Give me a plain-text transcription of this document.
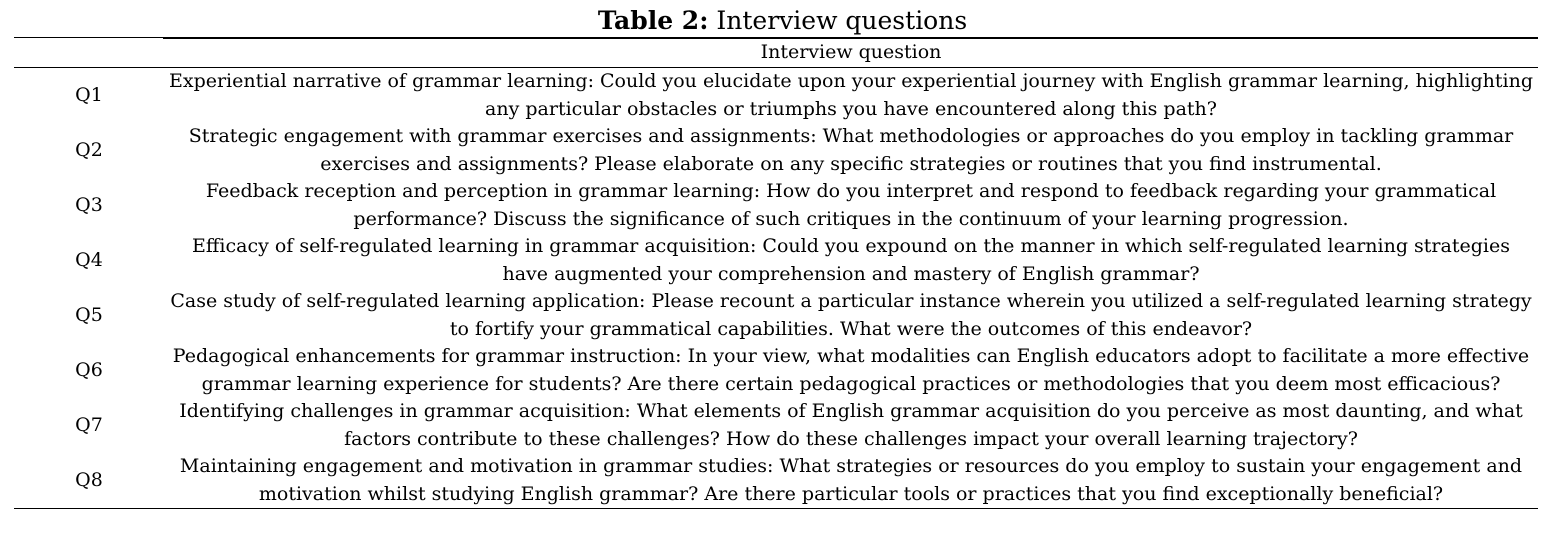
Table 2: Interview questions
Interview question
Q1
Experiential narrative of grammar learning: Could you elucidate upon your experiential journey with English grammar learning, highlighting any particular obstacles or triumphs you have encountered along this path?
Q2
Strategic engagement with grammar exercises and assignments: What methodologies or approaches do you employ in tackling grammar exercises and assignments? Please elaborate on any specific strategies or routines that you find instrumental.
Q3
Feedback reception and perception in grammar learning: How do you interpret and respond to feedback regarding your grammatical performance? Discuss the significance of such critiques in the continuum of your learning progression.
Q4
Efficacy of self-regulated learning in grammar acquisition: Could you expound on the manner in which self-regulated learning strategies have augmented your comprehension and mastery of English grammar?
Q5
Case study of self-regulated learning application: Please recount a particular instance wherein you utilized a self-regulated learning strategy to fortify your grammatical capabilities. What were the outcomes of this endeavor?
Q6
Pedagogical enhancements for grammar instruction: In your view, what modalities can English educators adopt to facilitate a more effective grammar learning experience for students? Are there certain pedagogical practices or methodologies that you deem most efficacious?
Q7
Identifying challenges in grammar acquisition: What elements of English grammar acquisition do you perceive as most daunting, and what factors contribute to these challenges? How do these challenges impact your overall learning trajectory?
Q8
Maintaining engagement and motivation in grammar studies: What strategies or resources do you employ to sustain your engagement and motivation whilst studying English grammar? Are there particular tools or practices that you find exceptionally beneficial?
